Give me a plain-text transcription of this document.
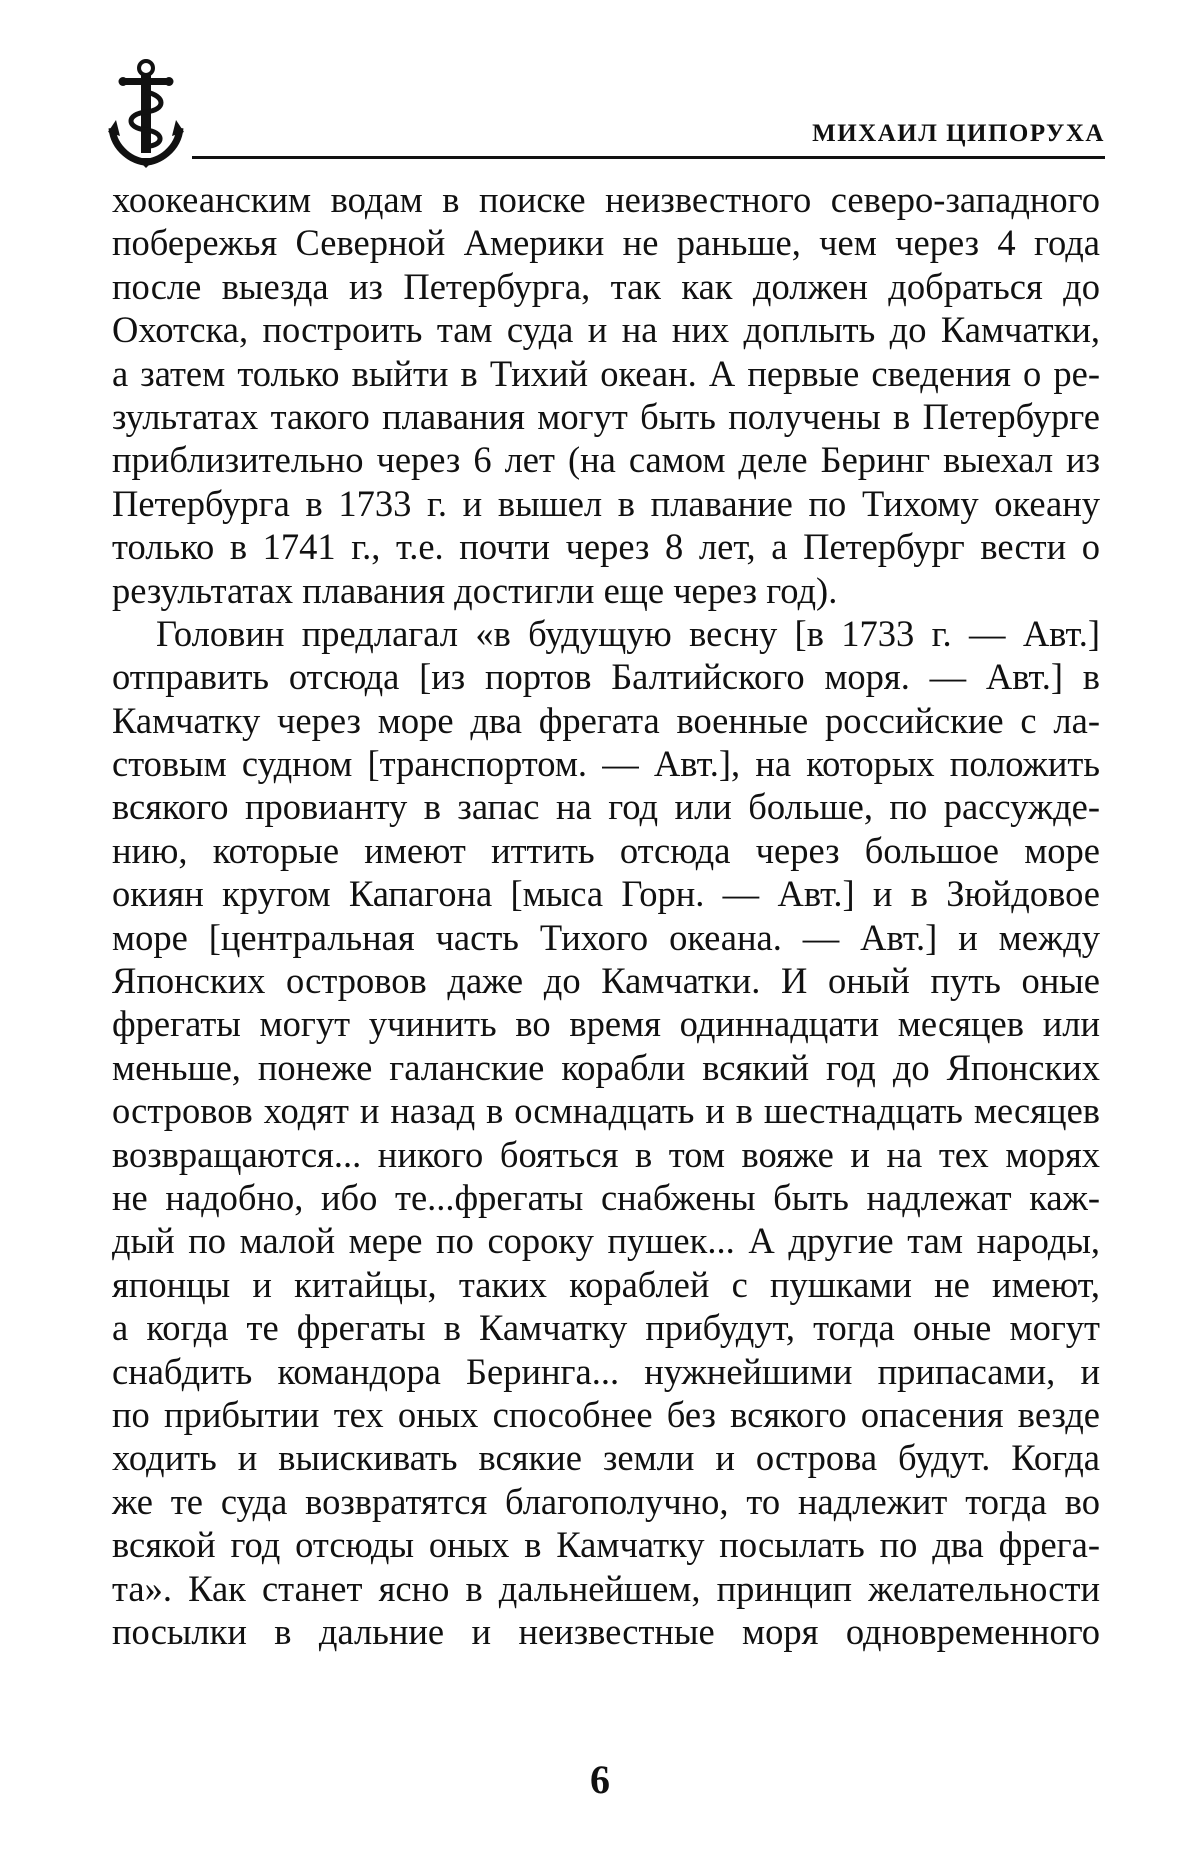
МИХАИЛ ЦИПОРУХА
хоокеанским водам в поиске неизвестного северо-западного
побережья Северной Америки не раньше, чем через 4 года
после выезда из Петербурга, так как должен добраться до
Охотска, построить там суда и на них доплыть до Камчатки,
а затем только выйти в Тихий океан. А первые сведения о ре-
зультатах такого плавания могут быть получены в Петербурге
приблизительно через 6 лет (на самом деле Беринг выехал из
Петербурга в 1733 г. и вышел в плавание по Тихому океану
только в 1741 г., т.е. почти через 8 лет, а Петербург вести о
результатах плавания достигли еще через год).
Головин предлагал «в будущую весну [в 1733 г. — Авт.]
отправить отсюда [из портов Балтийского моря. — Авт.] в
Камчатку через море два фрегата военные российские с ла-
стовым судном [транспортом. — Авт.], на которых положить
всякого провианту в запас на год или больше, по рассужде-
нию, которые имеют иттить отсюда через большое море
окиян кругом Капагона [мыса Горн. — Авт.] и в Зюйдовое
море [центральная часть Тихого океана. — Авт.] и между
Японских островов даже до Камчатки. И оный путь оные
фрегаты могут учинить во время одиннадцати месяцев или
меньше, понеже галанские корабли всякий год до Японских
островов ходят и назад в осмнадцать и в шестнадцать месяцев
возвращаются... никого бояться в том вояже и на тех морях
не надобно, ибо те...фрегаты снабжены быть надлежат каж-
дый по малой мере по сороку пушек... А другие там народы,
японцы и китайцы, таких кораблей с пушками не имеют,
а когда те фрегаты в Камчатку прибудут, тогда оные могут
снабдить командора Беринга... нужнейшими припасами, и
по прибытии тех оных способнее без всякого опасения везде
ходить и выискивать всякие земли и острова будут. Когда
же те суда возвратятся благополучно, то надлежит тогда во
всякой год отсюды оных в Камчатку посылать по два фрега-
та». Как станет ясно в дальнейшем, принцип желательности
посылки в дальние и неизвестные моря одновременного
6
